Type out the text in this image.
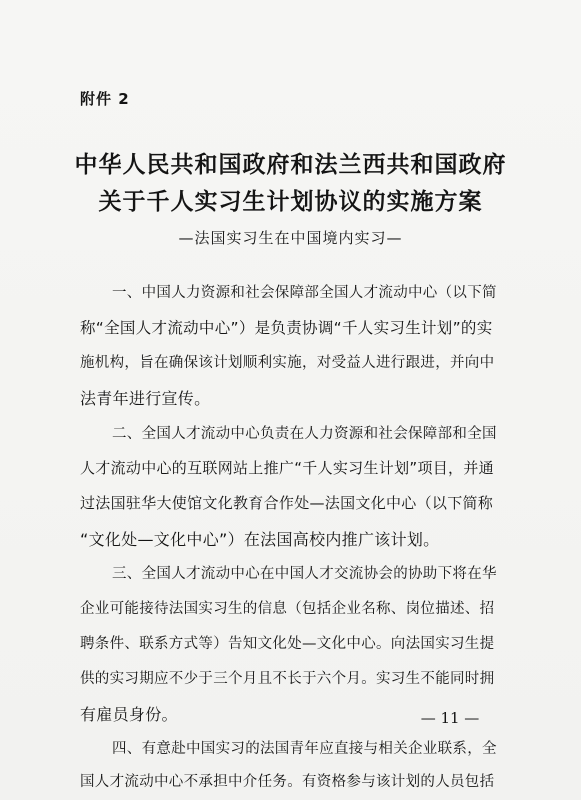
附件 2
中华人民共和国政府和法兰西共和国政府
关于千人实习生计划协议的实施方案
—法国实习生在中国境内实习—
一、中国人力资源和社会保障部全国人才流动中心（以下简
称“全国人才流动中心”）是负责协调“千人实习生计划”的实
施机构，旨在确保该计划顺利实施，对受益人进行跟进，并向中
法青年进行宣传。
二、全国人才流动中心负责在人力资源和社会保障部和全国
人才流动中心的互联网站上推广“千人实习生计划”项目，并通
过法国驻华大使馆文化教育合作处—法国文化中心（以下简称
“文化处—文化中心”）在法国高校内推广该计划。
三、全国人才流动中心在中国人才交流协会的协助下将在华
企业可能接待法国实习生的信息（包括企业名称、岗位描述、招
聘条件、联系方式等）告知文化处—文化中心。向法国实习生提
供的实习期应不少于三个月且不长于六个月。实习生不能同时拥
有雇员身份。
四、有意赴中国实习的法国青年应直接与相关企业联系，全
国人才流动中心不承担中介任务。有资格参与该计划的人员包括
— 11 —
